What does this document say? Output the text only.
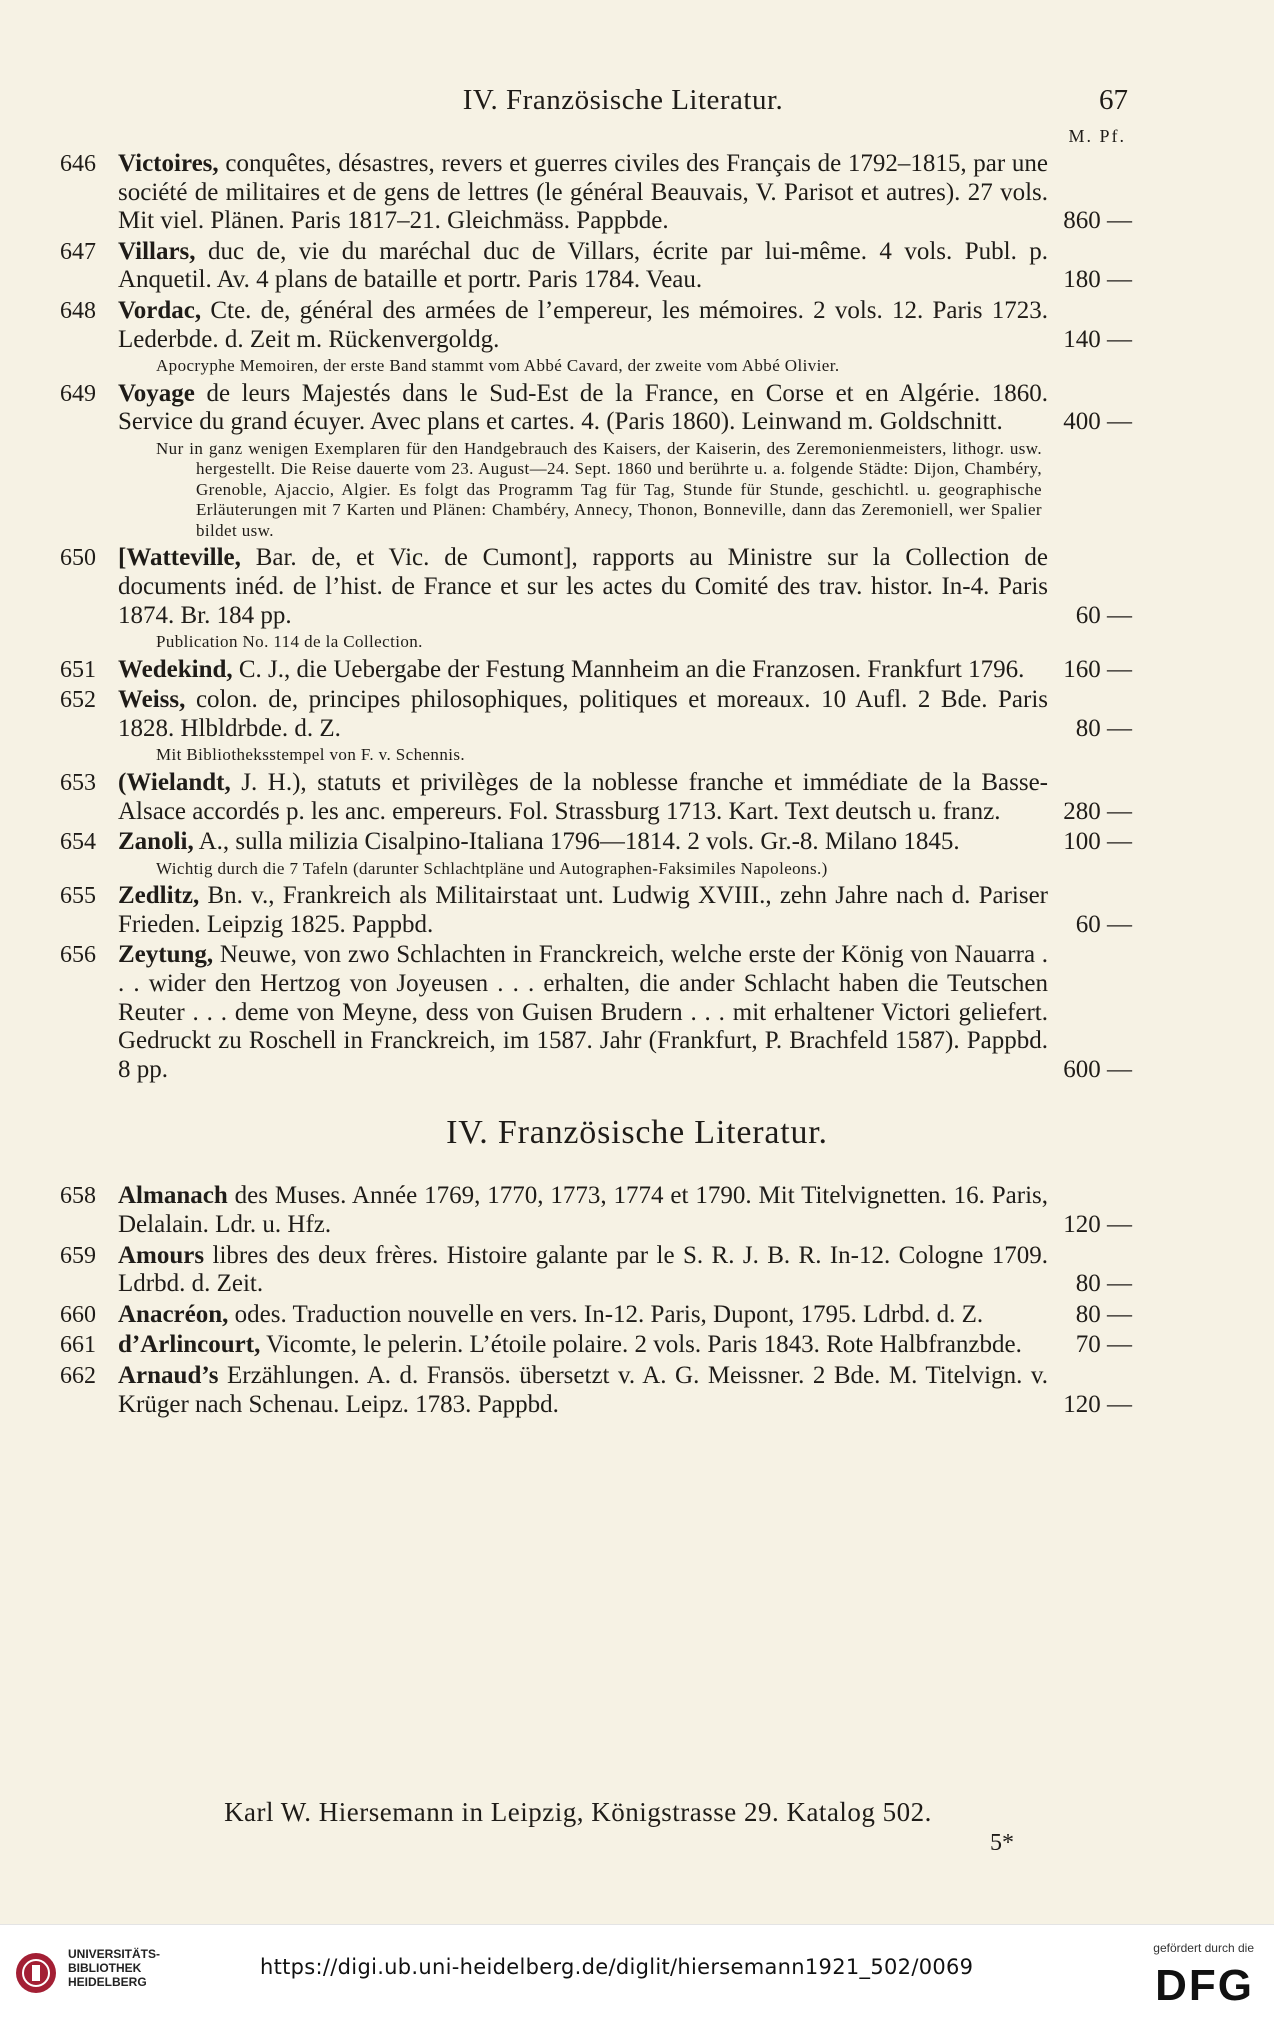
IV. Französische Literatur.	67
M. Pf.
646 Victoires, conquêtes, désastres, revers et guerres civiles des Français de 1792–1815, par une société de militaires et de gens de lettres (le général Beauvais, V. Parisot et autres). 27 vols. Mit viel. Plänen. Paris 1817–21. Gleichmäss. Pappbde.	860 —
647 Villars, duc de, vie du maréchal duc de Villars, écrite par lui-même. 4 vols. Publ. p. Anquetil. Av. 4 plans de bataille et portr. Paris 1784. Veau.	180 —
648 Vordac, Cte. de, général des armées de l’empereur, les mémoires. 2 vols. 12. Paris 1723. Lederbde. d. Zeit m. Rückenvergoldg.	140 —
Apocryphe Memoiren, der erste Band stammt vom Abbé Cavard, der zweite vom Abbé Olivier.
649 Voyage de leurs Majestés dans le Sud-Est de la France, en Corse et en Algérie. 1860. Service du grand écuyer. Avec plans et cartes. 4. (Paris 1860). Leinwand m. Goldschnitt.	400 —
Nur in ganz wenigen Exemplaren für den Handgebrauch des Kaisers, der Kaiserin, des Zeremonienmeisters, lithogr. usw. hergestellt. Die Reise dauerte vom 23. August—24. Sept. 1860 und berührte u. a. folgende Städte: Dijon, Chambéry, Grenoble, Ajaccio, Algier. Es folgt das Programm Tag für Tag, Stunde für Stunde, geschichtl. u. geographische Erläuterungen mit 7 Karten und Plänen: Chambéry, Annecy, Thonon, Bonneville, dann das Zeremoniell, wer Spalier bildet usw.
650 [Watteville, Bar. de, et Vic. de Cumont], rapports au Ministre sur la Collection de documents inéd. de l’hist. de France et sur les actes du Comité des trav. histor. In-4. Paris 1874. Br. 184 pp.	60 —
Publication No. 114 de la Collection.
651 Wedekind, C. J., die Uebergabe der Festung Mannheim an die Franzosen. Frankfurt 1796.	160 —
652 Weiss, colon. de, principes philosophiques, politiques et moreaux. 10 Aufl. 2 Bde. Paris 1828. Hlbldrbde. d. Z.	80 —
Mit Bibliotheksstempel von F. v. Schennis.
653 (Wielandt, J. H.), statuts et privilèges de la noblesse franche et immédiate de la Basse-Alsace accordés p. les anc. empereurs. Fol. Strassburg 1713. Kart. Text deutsch u. franz.	280 —
654 Zanoli, A., sulla milizia Cisalpino-Italiana 1796—1814. 2 vols. Gr.-8. Milano 1845.	100 —
Wichtig durch die 7 Tafeln (darunter Schlachtpläne und Autographen-Faksimiles Napoleons.)
655 Zedlitz, Bn. v., Frankreich als Militairstaat unt. Ludwig XVIII., zehn Jahre nach d. Pariser Frieden. Leipzig 1825. Pappbd.	60 —
656 Zeytung, Neuwe, von zwo Schlachten in Franckreich, welche erste der König von Nauarra . . . wider den Hertzog von Joyeusen . . . erhalten, die ander Schlacht haben die Teutschen Reuter . . . deme von Meyne, dess von Guisen Brudern . . . mit erhaltener Victori geliefert. Gedruckt zu Roschell in Franckreich, im 1587. Jahr (Frankfurt, P. Brachfeld 1587). Pappbd. 8 pp.	600 —
IV. Französische Literatur.
658 Almanach des Muses. Année 1769, 1770, 1773, 1774 et 1790. Mit Titelvignetten. 16. Paris, Delalain. Ldr. u. Hfz.	120 —
659 Amours libres des deux frères. Histoire galante par le S. R. J. B. R. In-12. Cologne 1709. Ldrbd. d. Zeit.	80 —
660 Anacréon, odes. Traduction nouvelle en vers. In-12. Paris, Dupont, 1795. Ldrbd. d. Z.	80 —
661 d’Arlincourt, Vicomte, le pelerin. L’étoile polaire. 2 vols. Paris 1843. Rote Halbfranzbde.	70 —
662 Arnaud’s Erzählungen. A. d. Fransös. übersetzt v. A. G. Meissner. 2 Bde. M. Titelvign. v. Krüger nach Schenau. Leipz. 1783. Pappbd.	120 —
Karl W. Hiersemann in Leipzig, Königstrasse 29. Katalog 502.
5*
UNIVERSITÄTS-
BIBLIOTHEK
HEIDELBERG
https://digi.ub.uni-heidelberg.de/diglit/hiersemann1921_502/0069
gefördert durch die
DFG
